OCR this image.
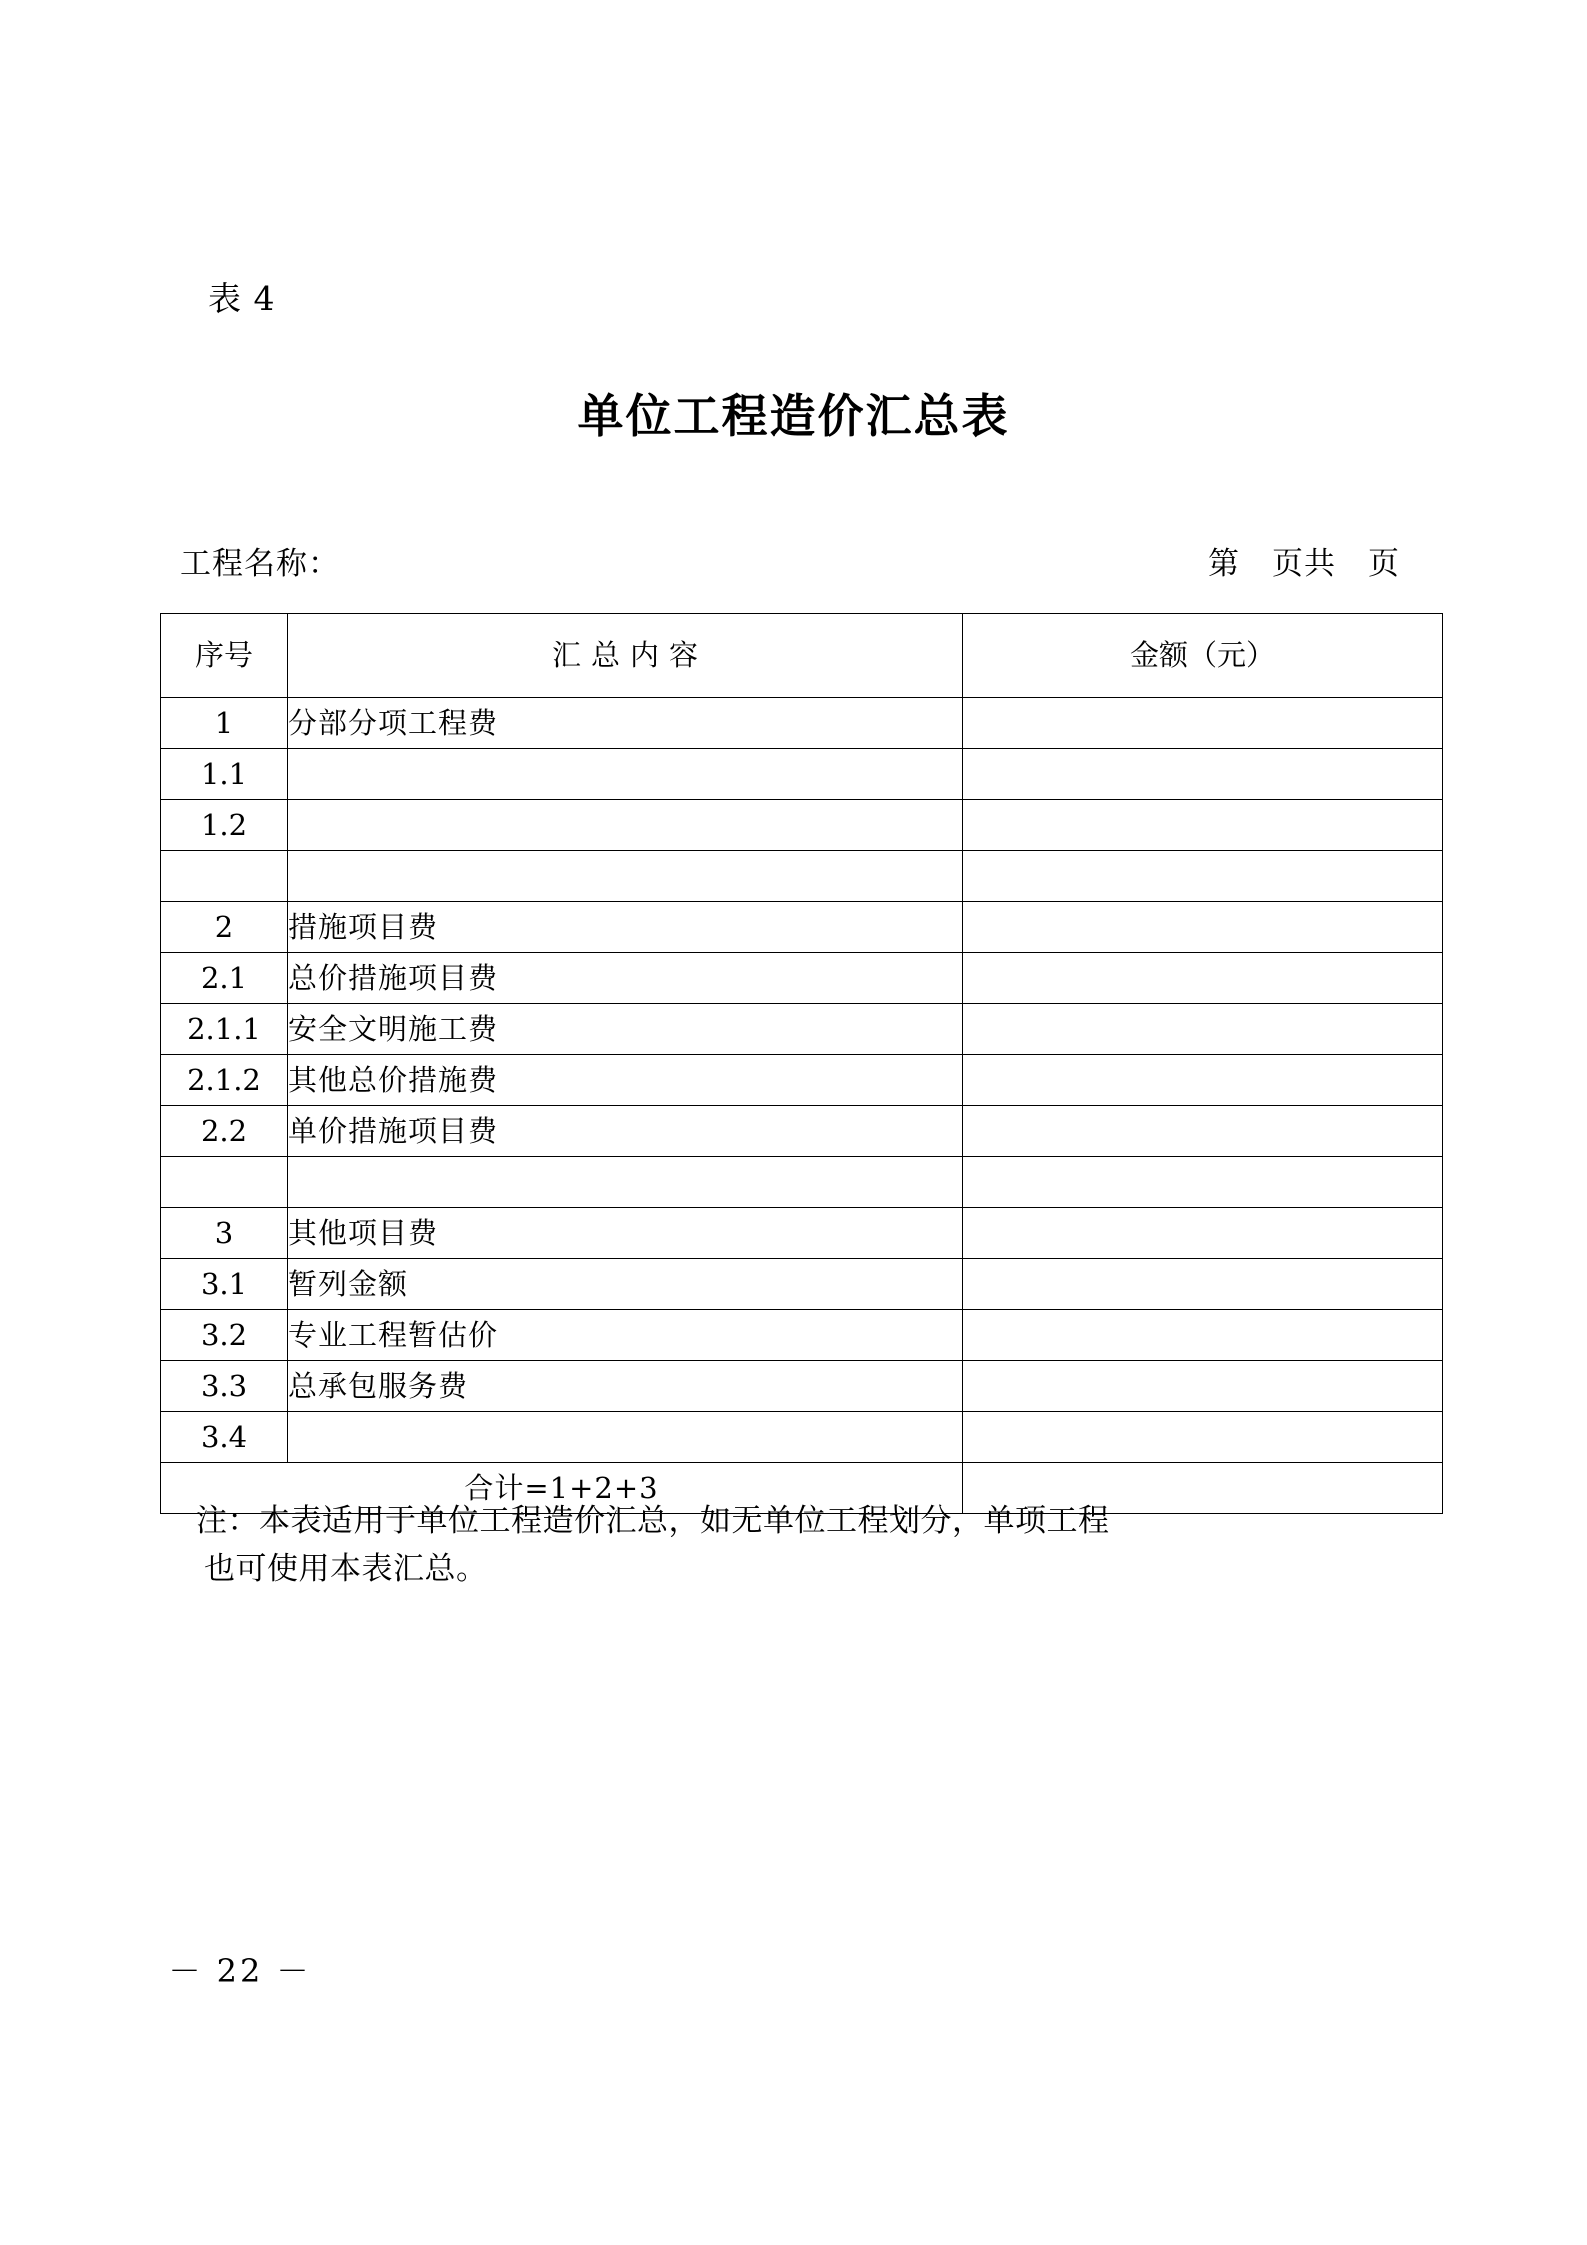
表 4
单位工程造价汇总表
工程名称：	第　页共　页
序号	汇总内容	金额（元）
1	分部分项工程费	
1.1		
1.2		

2	措施项目费	
2.1	总价措施项目费	
2.1.1	安全文明施工费	
2.1.2	其他总价措施费	
2.2	单价措施项目费	

3	其他项目费	
3.1	暂列金额	
3.2	专业工程暂估价	
3.3	总承包服务费	
3.4		
合计=1+2+3		
注：本表适用于单位工程造价汇总，如无单位工程划分，单项工程
也可使用本表汇总。
－ 22 －
